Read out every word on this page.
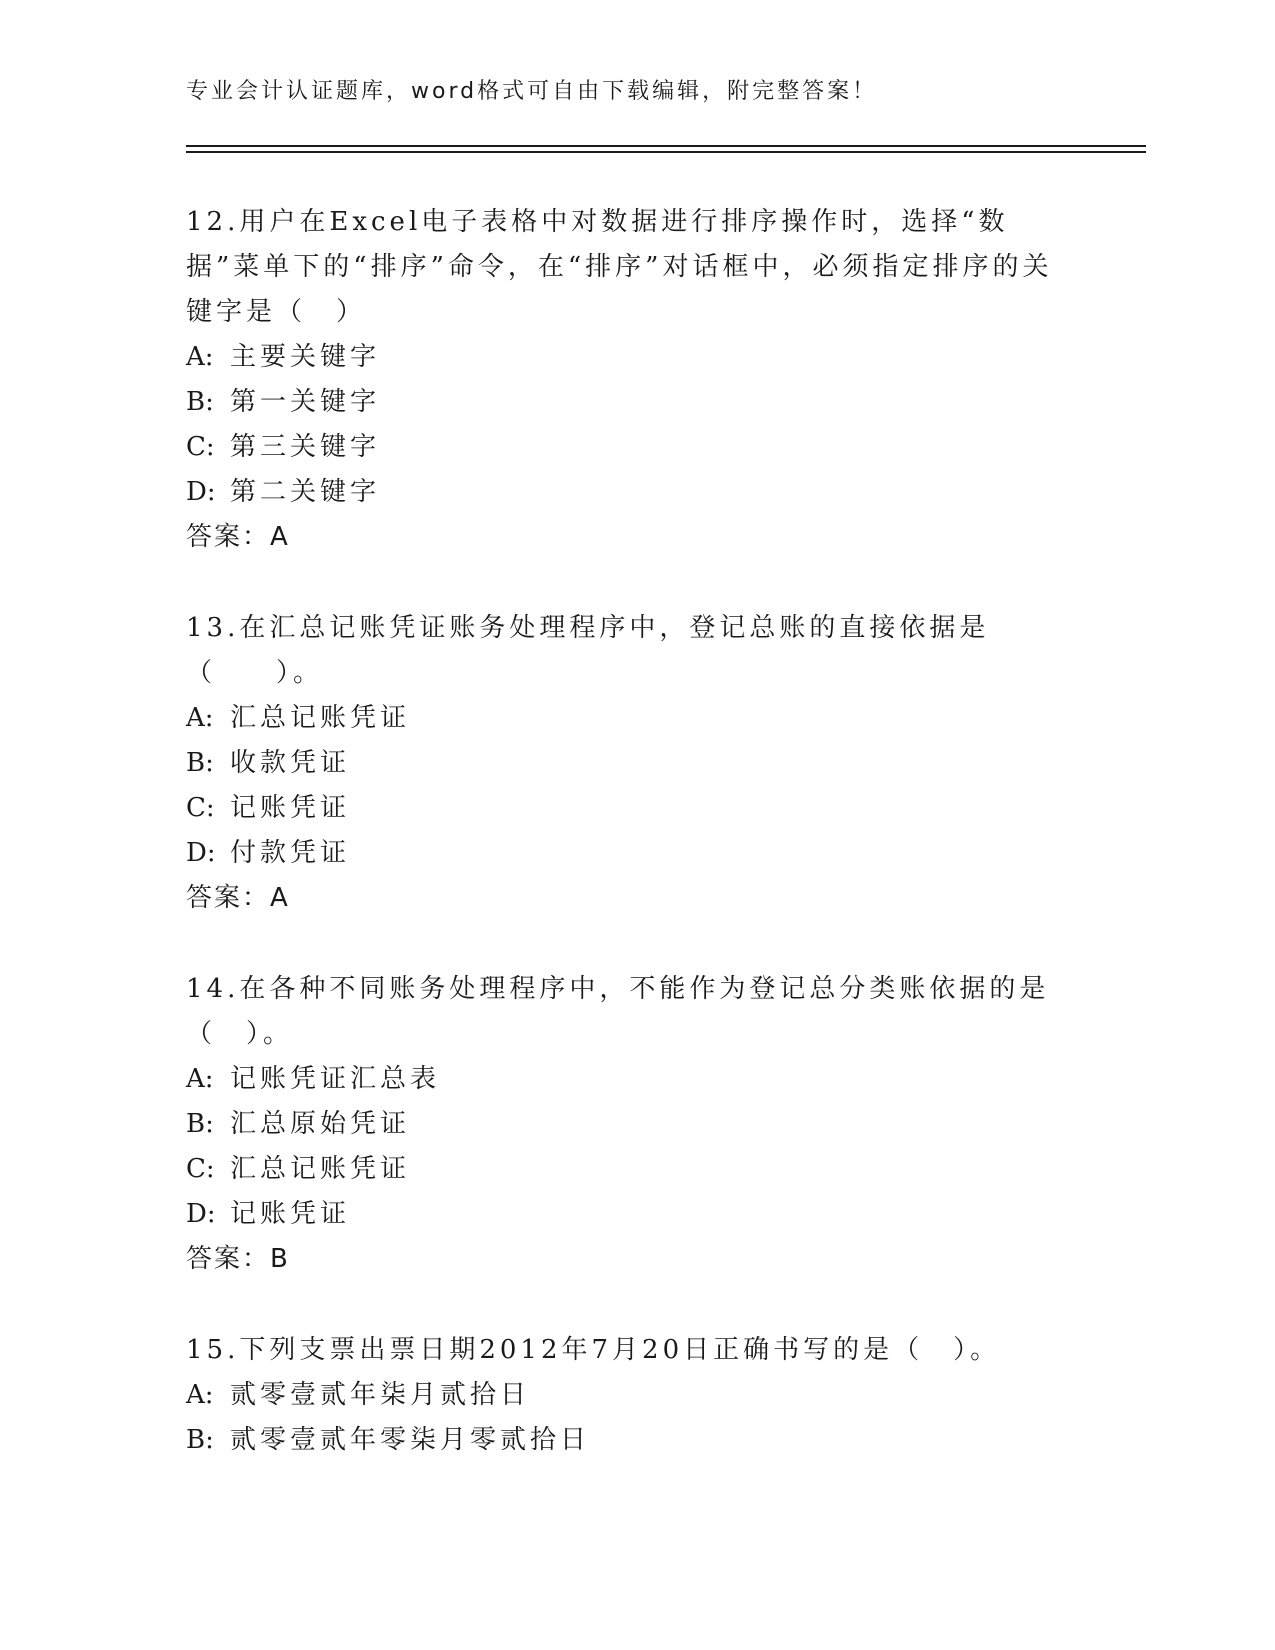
专业会计认证题库，word格式可自由下载编辑，附完整答案！

12.用户在Excel电子表格中对数据进行排序操作时，选择“数据”菜单下的“排序”命令，在“排序”对话框中，必须指定排序的关键字是（　）

A: 主要关键字

B: 第一关键字

C: 第三关键字

D: 第二关键字

答案：A

13.在汇总记账凭证账务处理程序中，登记总账的直接依据是（　　）。

A: 汇总记账凭证

B: 收款凭证

C: 记账凭证

D: 付款凭证

答案：A

14.在各种不同账务处理程序中，不能作为登记总分类账依据的是（　）。

A: 记账凭证汇总表

B: 汇总原始凭证

C: 汇总记账凭证

D: 记账凭证

答案：B

15.下列支票出票日期2012年7月20日正确书写的是（　）。

A: 贰零壹贰年柒月贰拾日

B: 贰零壹贰年零柒月零贰拾日
